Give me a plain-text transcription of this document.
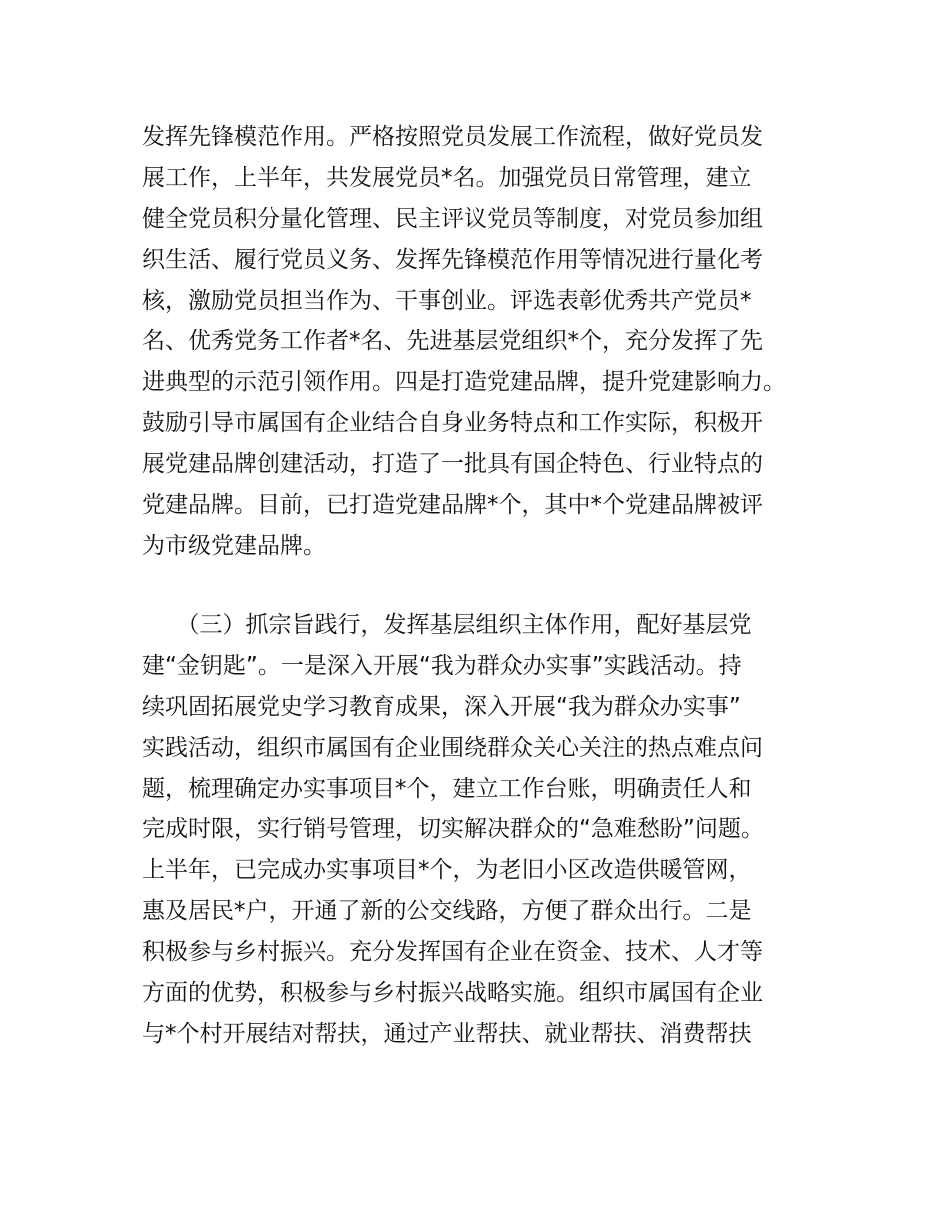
发挥先锋模范作用。严格按照党员发展工作流程，做好党员发
展工作，上半年，共发展党员*名。加强党员日常管理，建立
健全党员积分量化管理、民主评议党员等制度，对党员参加组
织生活、履行党员义务、发挥先锋模范作用等情况进行量化考
核，激励党员担当作为、干事创业。评选表彰优秀共产党员*
名、优秀党务工作者*名、先进基层党组织*个，充分发挥了先
进典型的示范引领作用。四是打造党建品牌，提升党建影响力。
鼓励引导市属国有企业结合自身业务特点和工作实际，积极开
展党建品牌创建活动，打造了一批具有国企特色、行业特点的
党建品牌。目前，已打造党建品牌*个，其中*个党建品牌被评
为市级党建品牌。
　　（三）抓宗旨践行，发挥基层组织主体作用，配好基层党
建“金钥匙”。一是深入开展“我为群众办实事”实践活动。持
续巩固拓展党史学习教育成果，深入开展“我为群众办实事”
实践活动，组织市属国有企业围绕群众关心关注的热点难点问
题，梳理确定办实事项目*个，建立工作台账，明确责任人和
完成时限，实行销号管理，切实解决群众的“急难愁盼”问题。
上半年，已完成办实事项目*个，为老旧小区改造供暖管网，
惠及居民*户，开通了新的公交线路，方便了群众出行。二是
积极参与乡村振兴。充分发挥国有企业在资金、技术、人才等
方面的优势，积极参与乡村振兴战略实施。组织市属国有企业
与*个村开展结对帮扶，通过产业帮扶、就业帮扶、消费帮扶
